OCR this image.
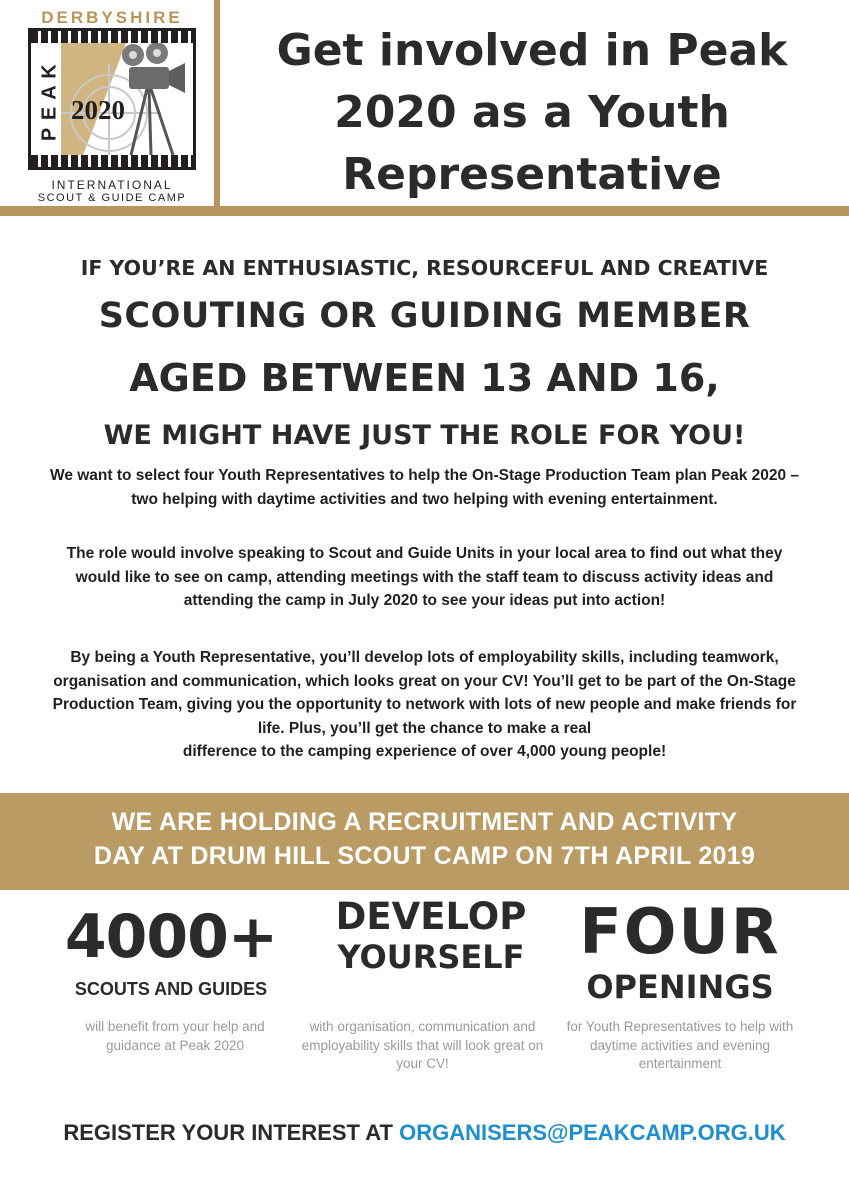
DERBYSHIRE
K
A
E
P
2020
INTERNATIONAL
SCOUT & GUIDE CAMP
Get involved in Peak 2020 as a Youth Representative
IF YOU’RE AN ENTHUSIASTIC, RESOURCEFUL AND CREATIVE
SCOUTING OR GUIDING MEMBER
AGED BETWEEN 13 AND 16,
WE MIGHT HAVE JUST THE ROLE FOR YOU!

We want to select four Youth Representatives to help the On-Stage Production Team plan Peak 2020 – two helping with daytime activities and two helping with evening entertainment.

The role would involve speaking to Scout and Guide Units in your local area to find out what they would like to see on camp, attending meetings with the staff team to discuss activity ideas and attending the camp in July 2020 to see your ideas put into action!

By being a Youth Representative, you’ll develop lots of employability skills, including teamwork, organisation and communication, which looks great on your CV! You’ll get to be part of the On-Stage Production Team, giving you the opportunity to network with lots of new people and make friends for life. Plus, you’ll get the chance to make a real
difference to the camping experience of over 4,000 young people!
WE ARE HOLDING A RECRUITMENT AND ACTIVITY
DAY AT DRUM HILL SCOUT CAMP ON 7TH APRIL 2019
4000+
SCOUTS AND GUIDES
will benefit from your help and guidance at Peak 2020
DEVELOP
YOURSELF
with organisation, communication and employability skills that will look great on your CV!
FOUR
OPENINGS
for Youth Representatives to help with daytime activities and evening entertainment
REGISTER YOUR INTEREST AT ORGANISERS@PEAKCAMP.ORG.UK
